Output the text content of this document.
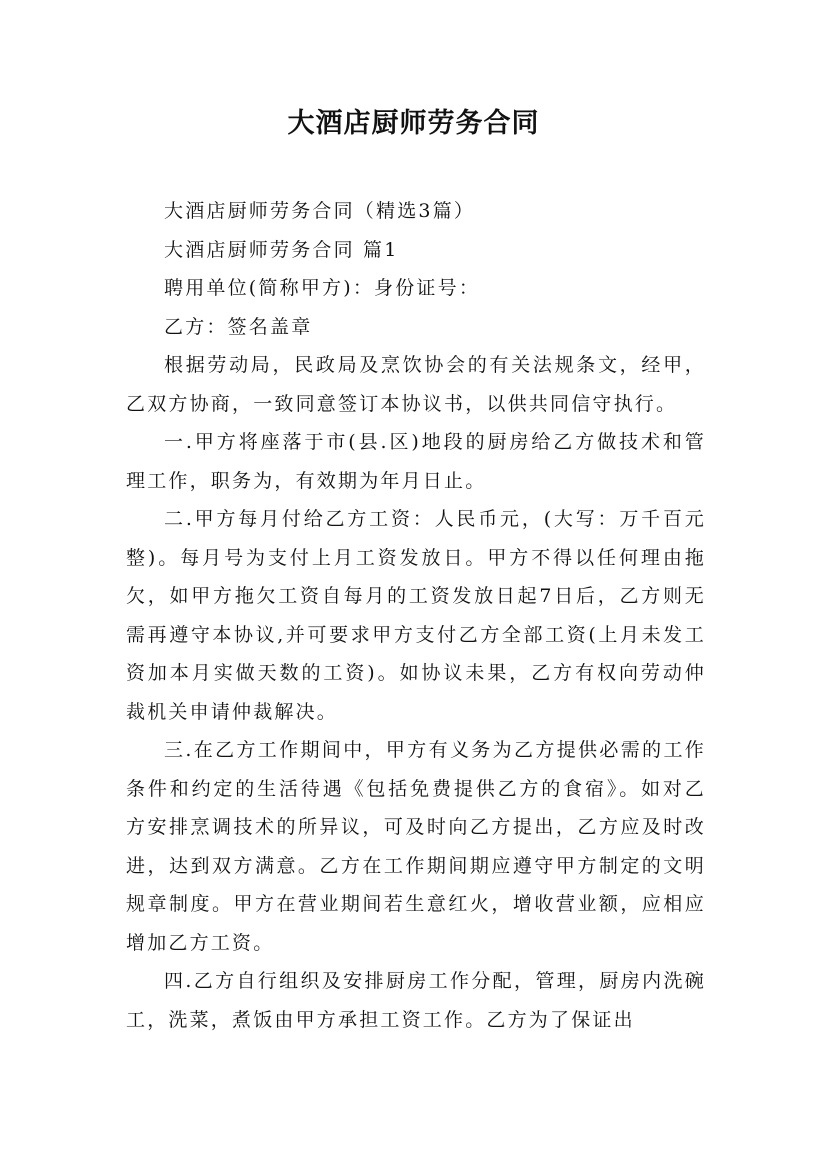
大酒店厨师劳务合同

大酒店厨师劳务合同（精选3篇）

大酒店厨师劳务合同 篇1

聘用单位(简称甲方)：身份证号：

乙方：签名盖章

根据劳动局，民政局及烹饮协会的有关法规条文，经甲，乙双方协商，一致同意签订本协议书，以供共同信守执行。

一.甲方将座落于市(县.区)地段的厨房给乙方做技术和管理工作，职务为，有效期为年月日止。

二.甲方每月付给乙方工资：人民币元，(大写：万千百元整)。每月号为支付上月工资发放日。甲方不得以任何理由拖欠，如甲方拖欠工资自每月的工资发放日起7日后，乙方则无需再遵守本协议,并可要求甲方支付乙方全部工资(上月未发工资加本月实做天数的工资)。如协议未果，乙方有权向劳动仲裁机关申请仲裁解决。

三.在乙方工作期间中，甲方有义务为乙方提供必需的工作条件和约定的生活待遇《包括免费提供乙方的食宿》。如对乙方安排烹调技术的所异议，可及时向乙方提出，乙方应及时改进，达到双方满意。乙方在工作期间期应遵守甲方制定的文明规章制度。甲方在营业期间若生意红火，增收营业额，应相应增加乙方工资。

四.乙方自行组织及安排厨房工作分配，管理，厨房内洗碗工，洗菜，煮饭由甲方承担工资工作。乙方为了保证出
